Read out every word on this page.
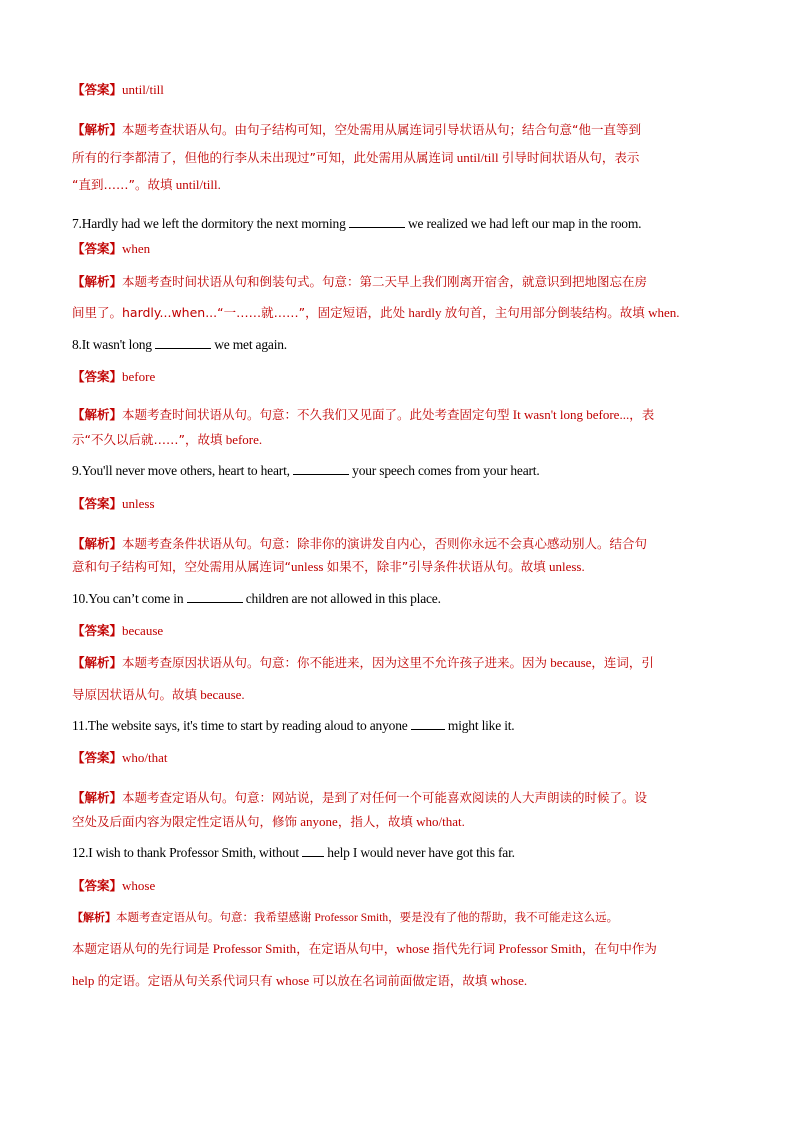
【答案】until/till
【解析】本题考查状语从句。由句子结构可知，空处需用从属连词引导状语从句；结合句意“他一直等到
所有的行李都清了，但他的行李从未出现过”可知，此处需用从属连词 until/till 引导时间状语从句，表示
“直到……”。故填 until/till.
7.Hardly had we left the dormitory the next morning	we realized we had left our map in the room.
【答案】when
【解析】本题考查时间状语从句和倒装句式。句意：第二天早上我们刚离开宿舍，就意识到把地图忘在房
间里了。hardly...when...“一……就……”，固定短语，此处 hardly 放句首，主句用部分倒装结构。故填 when.
8.It wasn't long	we met again.
【答案】before
【解析】本题考查时间状语从句。句意：不久我们又见面了。此处考查固定句型 It wasn't long before...，表
示“不久以后就……”，故填 before.
9.You'll never move others, heart to heart,	your speech comes from your heart.
【答案】unless
【解析】本题考查条件状语从句。句意：除非你的演讲发自内心，否则你永远不会真心感动别人。结合句
意和句子结构可知，空处需用从属连词“unless 如果不，除非”引导条件状语从句。故填 unless.
10.You can’t come in	children are not allowed in this place.
【答案】because
【解析】本题考查原因状语从句。句意：你不能进来，因为这里不允许孩子进来。因为 because，连词，引
导原因状语从句。故填 because.
11.The website says, it's time to start by reading aloud to anyone	might like it.
【答案】who/that
【解析】本题考查定语从句。句意：网站说，是到了对任何一个可能喜欢阅读的人大声朗读的时候了。设
空处及后面内容为限定性定语从句，修饰 anyone，指人，故填 who/that.
12.I wish to thank Professor Smith, without  help I would never have got this far.
【答案】whose
【解析】本题考查定语从句。句意：我希望感谢 Professor Smith，要是没有了他的帮助，我不可能走这么远。
本题定语从句的先行词是 Professor Smith，在定语从句中，whose 指代先行词 Professor Smith，在句中作为
help 的定语。定语从句关系代词只有 whose 可以放在名词前面做定语，故填 whose.
